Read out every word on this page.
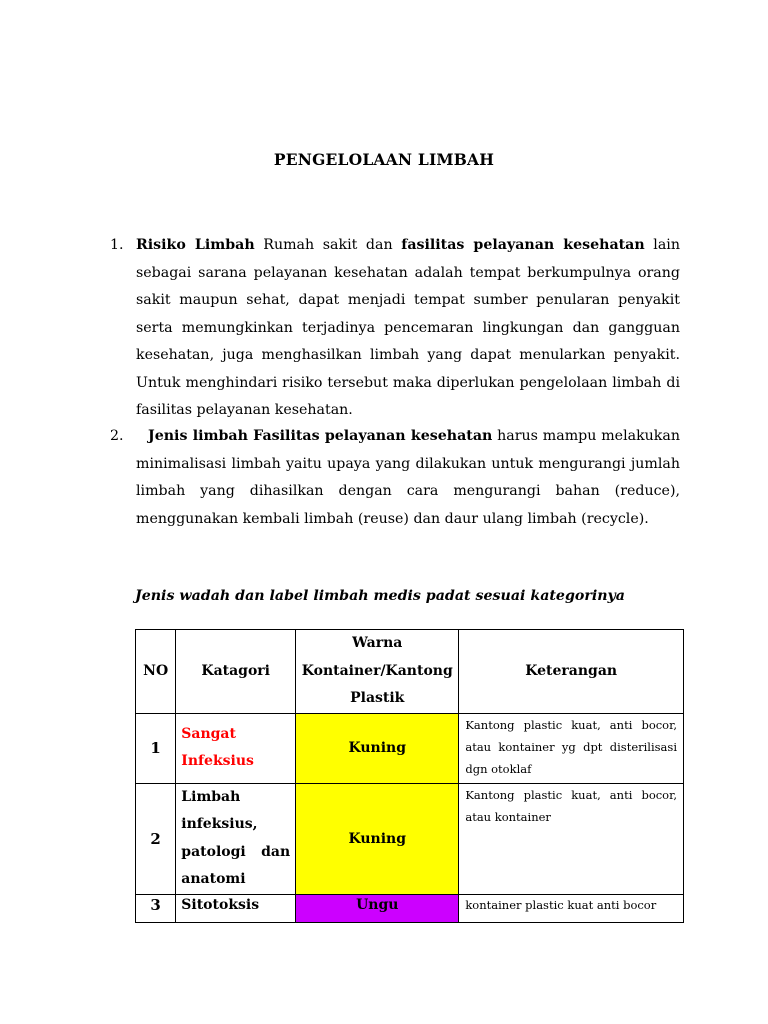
PENGELOLAAN LIMBAH
1. Risiko Limbah Rumah sakit dan fasilitas pelayanan kesehatan lain sebagai sarana pelayanan kesehatan adalah tempat berkumpulnya orang sakit maupun sehat, dapat menjadi tempat sumber penularan penyakit serta memungkinkan terjadinya pencemaran lingkungan dan gangguan kesehatan, juga menghasilkan limbah yang dapat menularkan penyakit. Untuk menghindari risiko tersebut maka diperlukan pengelolaan limbah di fasilitas pelayanan kesehatan.
2.	Jenis limbah Fasilitas pelayanan kesehatan harus mampu melakukan minimalisasi limbah yaitu upaya yang dilakukan untuk mengurangi jumlah limbah yang dihasilkan dengan cara mengurangi bahan (reduce), menggunakan kembali limbah (reuse) dan daur ulang limbah (recycle).
Jenis wadah dan label limbah medis padat sesuai kategorinya
NO	Katagori	Warna Kontainer/Kantong Plastik	Keterangan
1	Sangat Infeksius	Kuning	Kantong plastic kuat, anti bocor, atau kontainer yg dpt disterilisasi dgn otoklaf
2	Limbah infeksius, patologi dan anatomi	Kuning	Kantong plastic kuat, anti bocor, atau kontainer
3	Sitotoksis	Ungu	kontainer plastic kuat anti bocor
